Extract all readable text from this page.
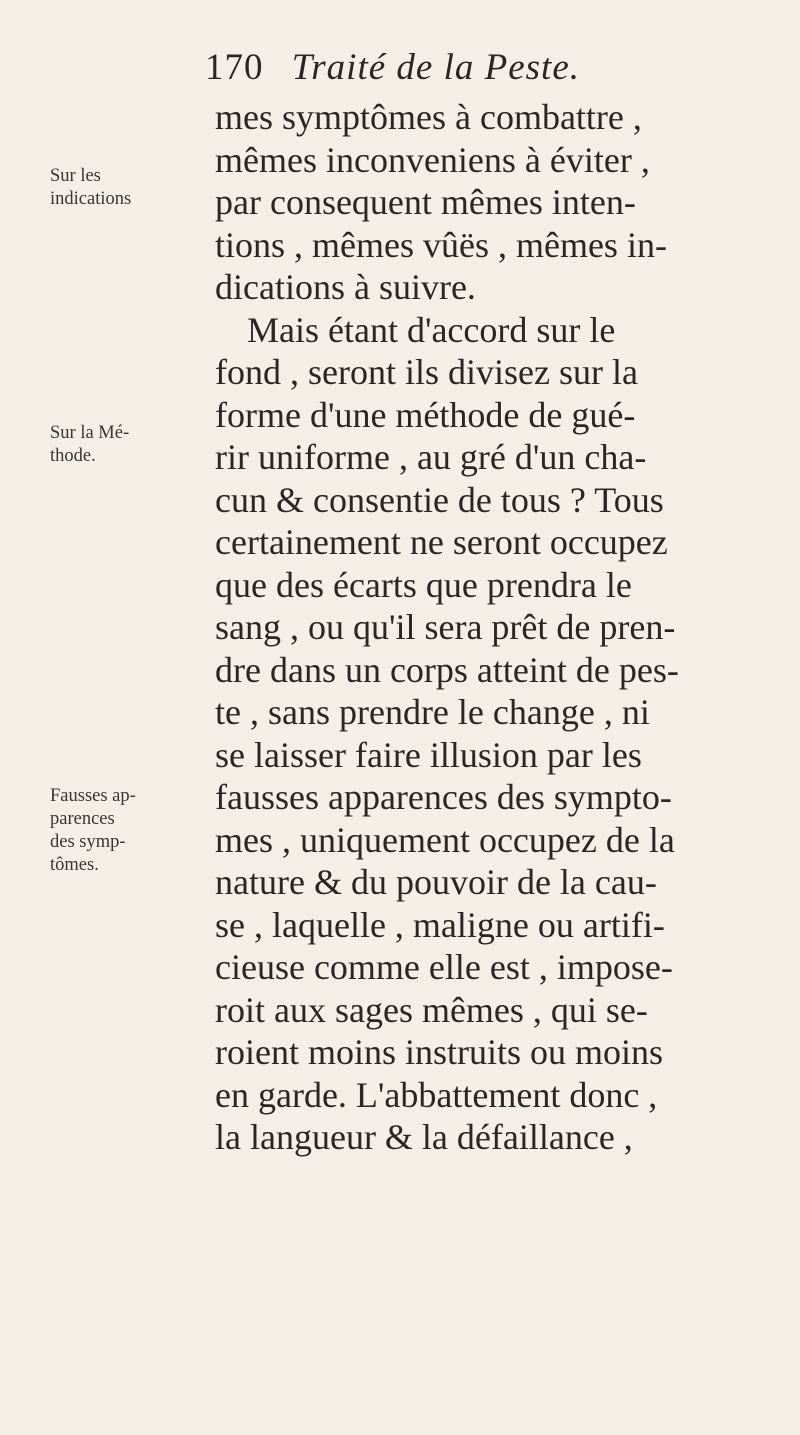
170 Traité de la Peste.
Sur les
indications
Sur la Mé-
thode.
Fausses ap-
parences
des symp-
tômes.
mes symptômes à combattre ,
mêmes inconveniens à éviter ,
par consequent mêmes inten-
tions , mêmes vûës , mêmes in-
dications à suivre.
Mais étant d'accord sur le
fond , seront ils divisez sur la
forme d'une méthode de gué-
rir uniforme , au gré d'un cha-
cun & consentie de tous ? Tous
certainement ne seront occupez
que des écarts que prendra le
sang , ou qu'il sera prêt de pren-
dre dans un corps atteint de pes-
te , sans prendre le change , ni
se laisser faire illusion par les
fausses apparences des sympto-
mes , uniquement occupez de la
nature & du pouvoir de la cau-
se , laquelle , maligne ou artifi-
cieuse comme elle est , impose-
roit aux sages mêmes , qui se-
roient moins instruits ou moins
en garde. L'abbattement donc ,
la langueur & la défaillance ,
